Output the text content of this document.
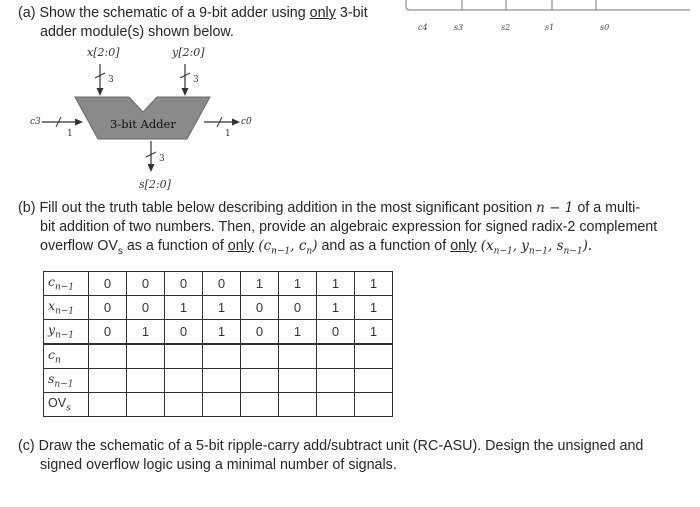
(a) Show the schematic of a 9-bit adder using only 3-bit
adder module(s) shown below.	c4	s3	s2	s1	s0
x[2:0]	y[2:0]
3	3
3-bit Adder
c3
1	1
c0
3
s[2:0]
(b) Fill out the truth table below describing addition in the most significant position n − 1 of a multi-
bit addition of two numbers. Then, provide an algebraic expression for signed radix-2 complement
overflow $OV_s$ as a function of only ($c_{n-1}$, $c_n$) and as a function of only ($x_{n-1}$, $y_{n-1}$, $s_{n-1}$).
$c_{n-1}$	0	0	0	0	1	1	1	1
$x_{n-1}$	0	0	1	1	0	0	1	1
$y_{n-1}$	0	1	0	1	0	1	0	1
$c_n$								
$s_{n-1}$								
$OV_s$								
(c) Draw the schematic of a 5-bit ripple-carry add/subtract unit (RC-ASU). Design the unsigned and
signed overflow logic using a minimal number of signals.
